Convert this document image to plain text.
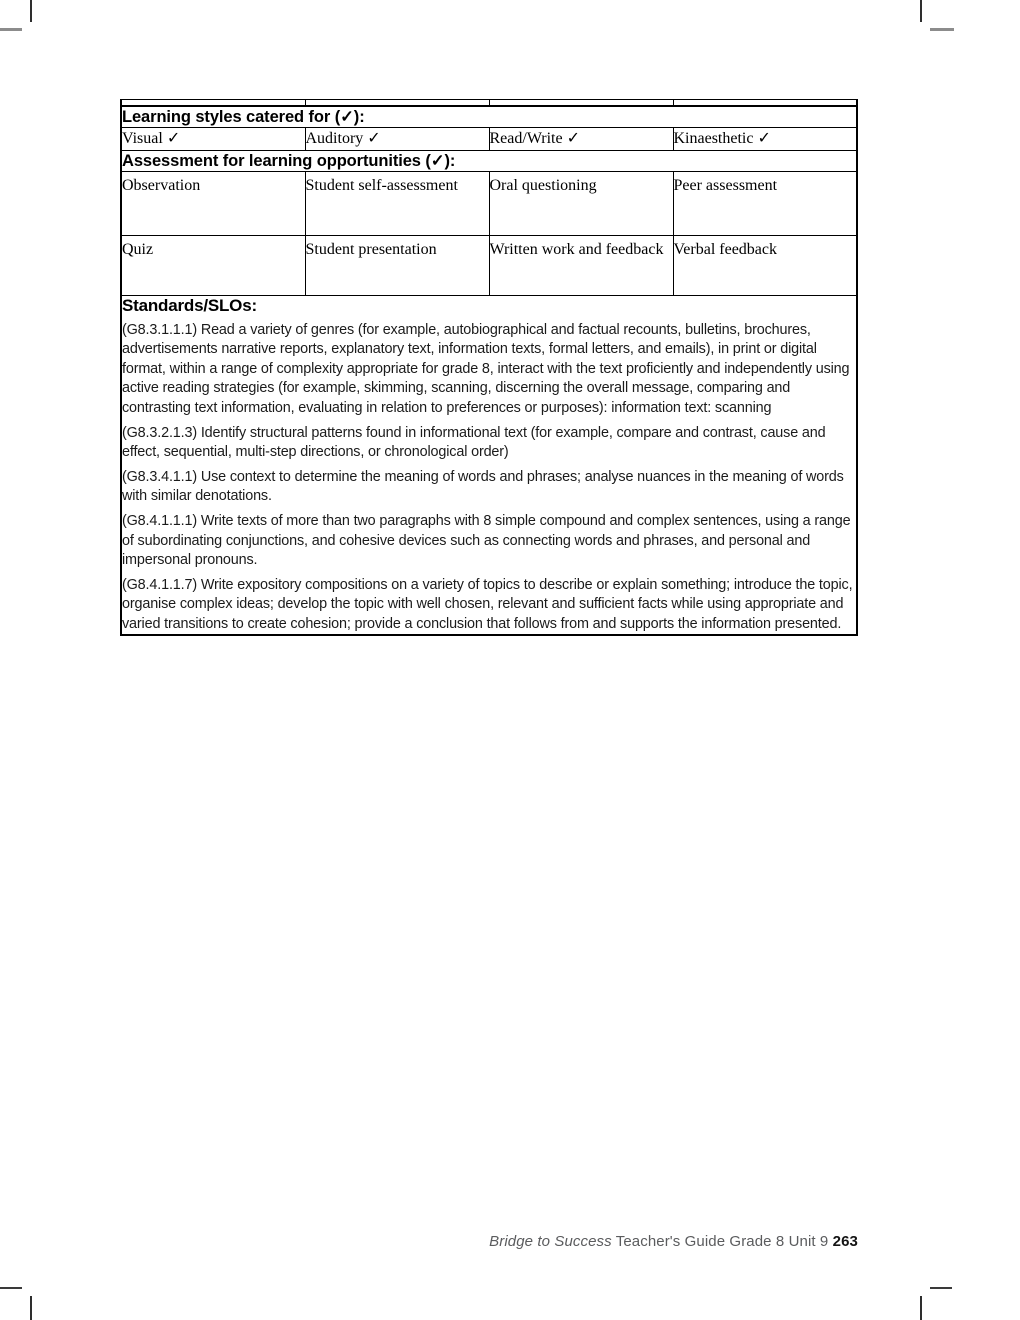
Learning styles catered for (✓):			
Visual ✓	Auditory ✓	Read/Write ✓	Kinaesthetic ✓
Assessment for learning opportunities (✓):			
Observation	Student self-assessment	Oral questioning	Peer assessment
Quiz	Student presentation	Written work and feedback	Verbal feedback

Standards/SLOs:

(G8.3.1.1.1) Read a variety of genres (for example, autobiographical and factual recounts, bulletins, brochures, advertisements narrative reports, explanatory text, information texts, formal letters, and emails), in print or digital format, within a range of complexity appropriate for grade 8, interact with the text proficiently and independently using active reading strategies (for example, skimming, scanning, discerning the overall message, comparing and contrasting text information, evaluating in relation to preferences or purposes): information text: scanning

(G8.3.2.1.3) Identify structural patterns found in informational text (for example, compare and contrast, cause and effect, sequential, multi-step directions, or chronological order)

(G8.3.4.1.1) Use context to determine the meaning of words and phrases; analyse nuances in the meaning of words with similar denotations.

(G8.4.1.1.1) Write texts of more than two paragraphs with 8 simple compound and complex sentences, using a range of subordinating conjunctions, and cohesive devices such as connecting words and phrases, and personal and impersonal pronouns.

(G8.4.1.1.7) Write expository compositions on a variety of topics to describe or explain something; introduce the topic, organise complex ideas; develop the topic with well chosen, relevant and sufficient facts while using appropriate and varied transitions to create cohesion; provide a conclusion that follows from and supports the information presented.

Bridge to Success Teacher's Guide Grade 8 Unit 9 263
